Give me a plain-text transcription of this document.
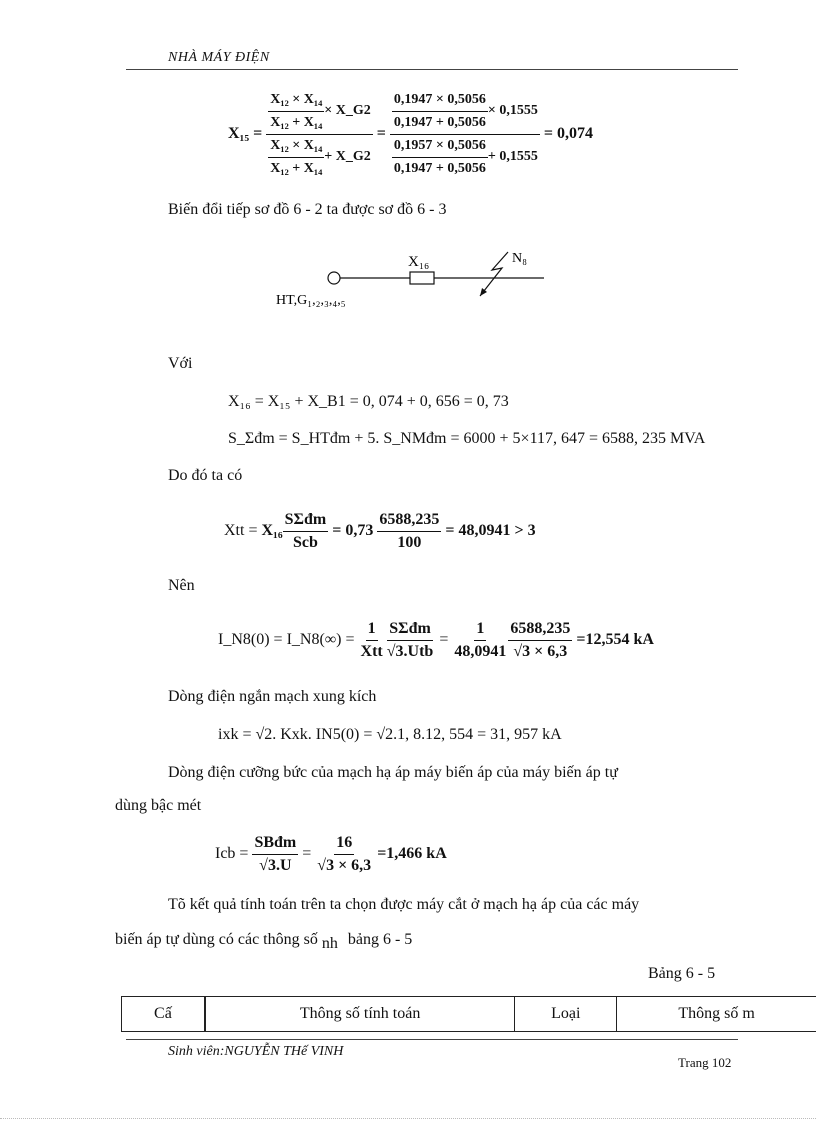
NHÀ MÁY ĐIỆN
$X_{15} = \frac{\frac{\text{X₁₂ × X₁₄}}{\text{X₁₂ + X₁₄}} \times X\_G2}{\frac{\text{X₁₂ × X₁₄}}{\text{X₁₂ + X₁₄}} + X\_G2} = \frac{0,1947 \times 0,5056}{0,1947 + 0,5056} \times 0,1555$
$\frac{0,1957 \times 0,5056}{0,1947 + 0,5056} + 0,1555$
= 0,074
Biến đổi tiếp sơ đồ 6 - 2 ta được sơ đồ 6 - 3
X₁₆	N₈
HT,G₁,₂,₃,₄,₅
Với
X₁₆ = X₁₅ + X_B1 = 0, 074 + 0, 656 = 0, 73
S_Σđm = S_HTđm + 5. S_NMđm = 6000 + 5×117, 647 = 6588, 235 MVA
Do đó ta có
Xtt = $X_{16} \frac{\text{SΣđm}}{\text{Scb}} = 0,73 \frac{6588,235}{100} = 48,0941 > 3$
Nên
I_N8(0) = I_N8(∞) = $\frac{1}{\text{Xtt}} \frac{\text{SΣđm}}{\text{√3.Utb}} = \frac{1}{48,0941} \frac{6588,235}{√3 \times 6,3} =12,554$ kA
Dòng điện ngắn mạch xung kích
ixk = √2. Kxk. IN5(0) = √2.1, 8.12, 554 = 31, 957 kA
Dòng điện cưỡng bức của mạch hạ áp máy biến áp của máy biến áp tự
dùng bậc mét
Icb = $\frac{\text{SBđm}}{√3.U} = \frac{16}{√3 \times 6,3} =1,466$ kA
Tõ kết quả tính toán trên ta chọn được máy cắt ở mạch hạ áp của các máy
biến áp tự dùng có các thông số nh bảng 6 - 5
Bảng 6 - 5
Cấ	Thông số tính toán	Loại	Thông số m
Sinh viên:NGUYỄN THế VINH
Trang 102
